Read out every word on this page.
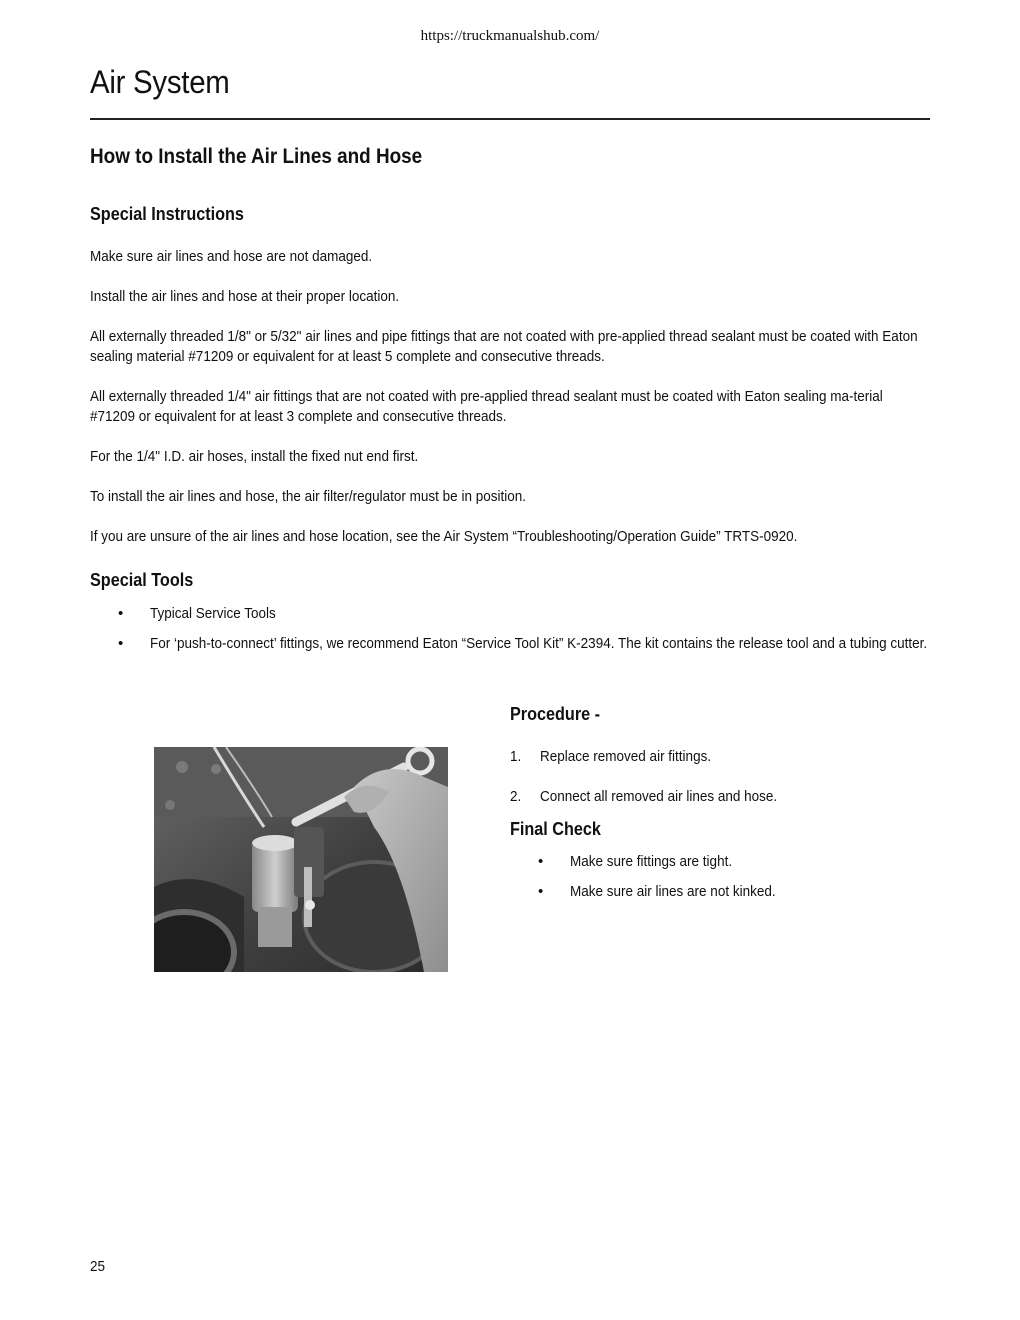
https://truckmanualshub.com/
Air System
How to Install the Air Lines and Hose
Special Instructions
Make sure air lines and hose are not damaged.
Install the air lines and hose at their proper location.
All externally threaded 1/8" or 5/32" air lines and pipe fittings that are not coated with pre-applied thread sealant must be coated with Eaton sealing material #71209 or equivalent for at least 5 complete and consecutive threads.
All externally threaded 1/4" air fittings that are not coated with pre-applied thread sealant must be coated with Eaton sealing ma-terial #71209 or equivalent for at least 3 complete and consecutive threads.
For the 1/4" I.D. air hoses, install the fixed nut end first.
To install the air lines and hose, the air filter/regulator must be in position.
If you are unsure of the air lines and hose location, see the Air System “Troubleshooting/Operation Guide” TRTS-0920.
Special Tools
• Typical Service Tools
• For ‘push-to-connect’ fittings, we recommend Eaton “Service Tool Kit” K-2394. The kit contains the release tool and a tubing cutter.
Procedure -
1. Replace removed air fittings.
2. Connect all removed air lines and hose.
Final Check
• Make sure fittings are tight.
• Make sure air lines are not kinked.
25
